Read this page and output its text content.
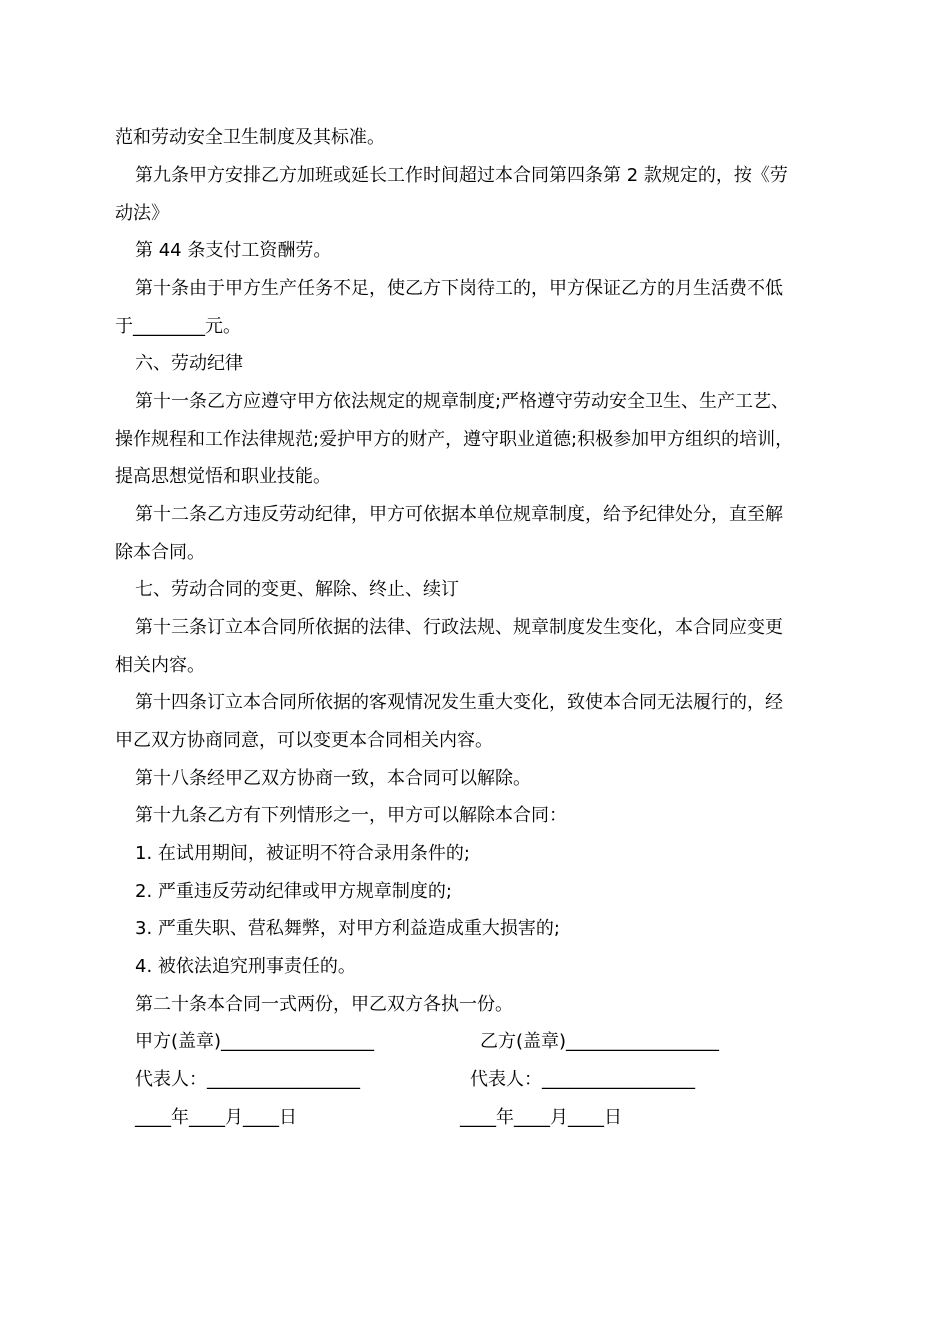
范和劳动安全卫生制度及其标准。
第九条甲方安排乙方加班或延长工作时间超过本合同第四条第 2 款规定的，按《劳
动法》
第 44 条支付工资酬劳。
第十条由于甲方生产任务不足，使乙方下岗待工的，甲方保证乙方的月生活费不低
于________元。
六、劳动纪律
第十一条乙方应遵守甲方依法规定的规章制度;严格遵守劳动安全卫生、生产工艺、
操作规程和工作法律规范;爱护甲方的财产，遵守职业道德;积极参加甲方组织的培训，
提高思想觉悟和职业技能。
第十二条乙方违反劳动纪律，甲方可依据本单位规章制度，给予纪律处分，直至解
除本合同。
七、劳动合同的变更、解除、终止、续订
第十三条订立本合同所依据的法律、行政法规、规章制度发生变化，本合同应变更
相关内容。
第十四条订立本合同所依据的客观情况发生重大变化，致使本合同无法履行的，经
甲乙双方协商同意，可以变更本合同相关内容。
第十八条经甲乙双方协商一致，本合同可以解除。
第十九条乙方有下列情形之一，甲方可以解除本合同：
1. 在试用期间，被证明不符合录用条件的;
2. 严重违反劳动纪律或甲方规章制度的;
3. 严重失职、营私舞弊，对甲方利益造成重大损害的;
4. 被依法追究刑事责任的。
第二十条本合同一式两份，甲乙双方各执一份。
甲方(盖章)_________________	乙方(盖章)_________________
代表人：_________________	代表人：_________________
____年____月____日	____年____月____日
